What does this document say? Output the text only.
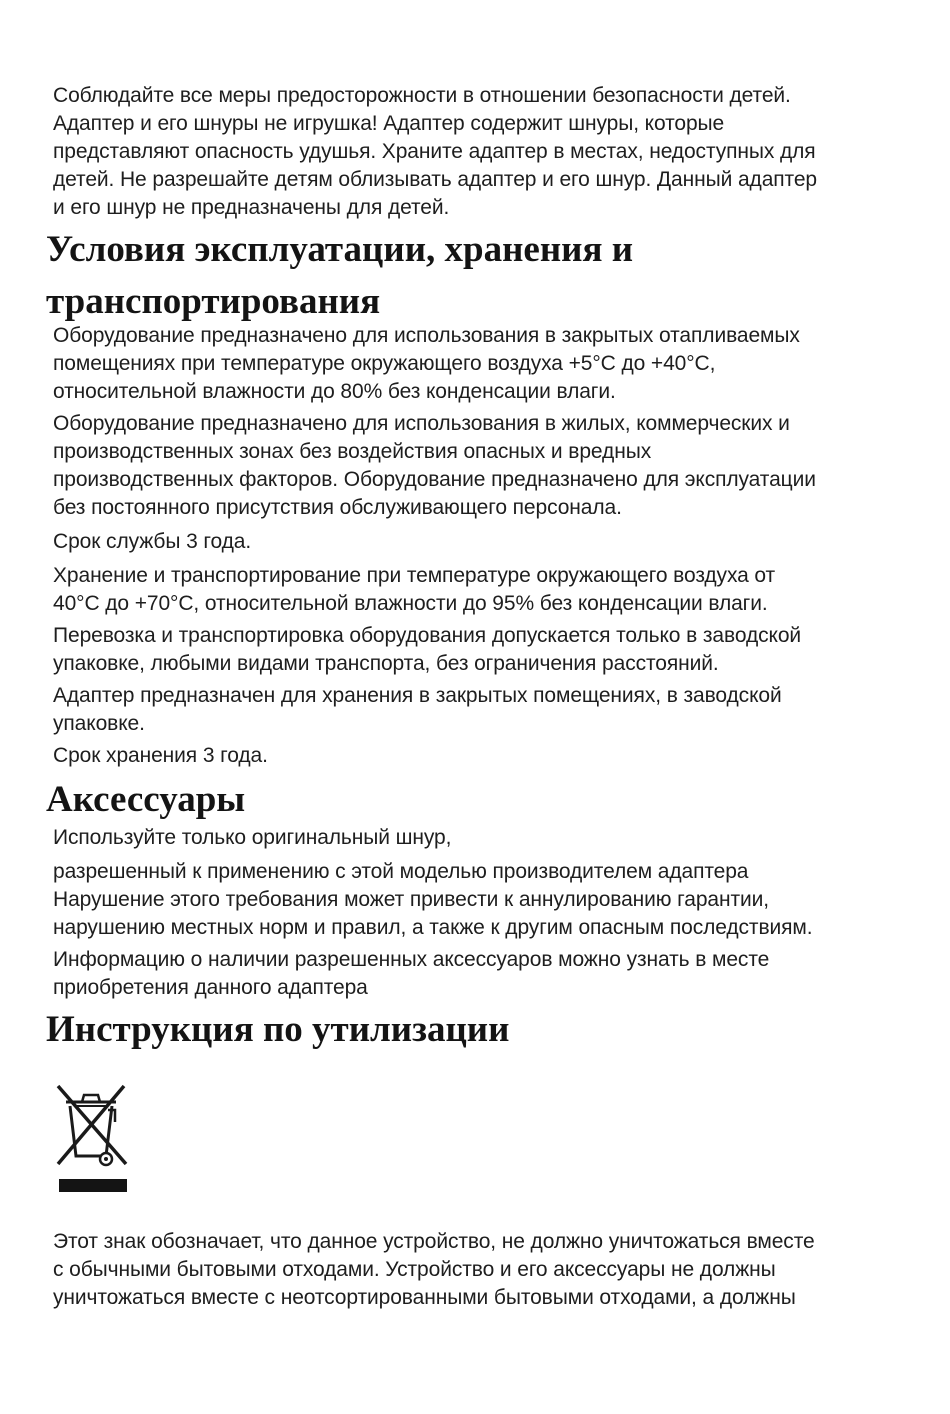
Соблюдайте все меры предосторожности в отношении безопасности детей.
Адаптер и его шнуры не игрушка! Адаптер содержит шнуры, которые
представляют опасность удушья. Храните адаптер в местах, недоступных для
детей. Не разрешайте детям облизывать адаптер и его шнур. Данный адаптер
и его шнур не предназначены для детей.
Условия эксплуатации, хранения и
транспортирования
Оборудование предназначено для использования в закрытых отапливаемых
помещениях при температуре окружающего воздуха +5°С до +40°С,
относительной влажности до 80% без конденсации влаги.
Оборудование предназначено для использования в жилых, коммерческих и
производственных зонах без воздействия опасных и вредных
производственных факторов. Оборудование предназначено для эксплуатации
без постоянного присутствия обслуживающего персонала.
Срок службы 3 года.
Хранение и транспортирование при температуре окружающего воздуха от
40°С до +70°С, относительной влажности до 95% без конденсации влаги.
Перевозка и транспортировка оборудования допускается только в заводской
упаковке, любыми видами транспорта, без ограничения расстояний.
Адаптер предназначен для хранения в закрытых помещениях, в заводской
упаковке.
Срок хранения 3 года.
Аксессуары
Используйте только оригинальный шнур,
разрешенный к применению с этой моделью производителем адаптера
Нарушение этого требования может привести к аннулированию гарантии,
нарушению местных норм и правил, а также к другим опасным последствиям.
Информацию о наличии разрешенных аксессуаров можно узнать в месте
приобретения данного адаптера
Инструкция по утилизации
Этот знак обозначает, что данное устройство, не должно уничтожаться вместе
с обычными бытовыми отходами. Устройство и его аксессуары не должны
уничтожаться вместе с неотсортированными бытовыми отходами, а должны
